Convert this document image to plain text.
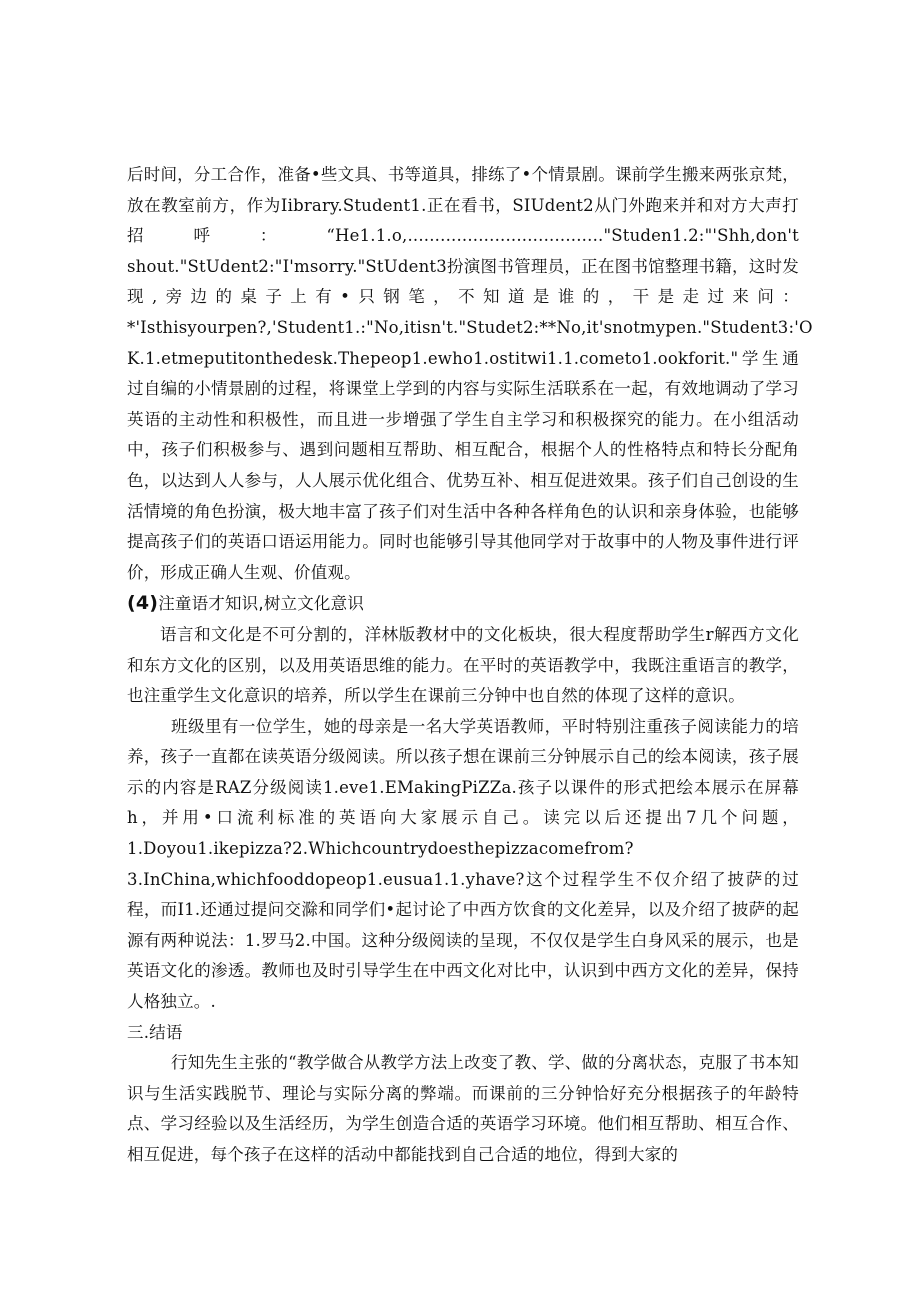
后时间，分工合作，准备•些文具、书等道具，排练了•个情景剧。课前学生搬来两张京梵，放在教室前方，作为Iibrary.Student1.正在看书，SIUdent2从门外跑来并和对方大声打招呼：“He1.1.o,...................................."Studen1.2:"'Shh,don't shout."StUdent2:"I'msorry."StUdent3扮演图书管理员，正在图书馆整理书籍，这时发现,旁边的桌子上有•只钢笔，不知道是谁的，干是走过来问：*'Isthisyourpen?,'Student1.:"No,itisn't."Studet2:**No,it'snotmypen."Student3:'O K.1.etmeputitonthedesk.Thepeop1.ewho1.ostitwi1.1.cometo1.ookforit."学生通过自编的小情景剧的过程，将课堂上学到的内容与实际生活联系在一起，有效地调动了学习英语的主动性和积极性，而且进一步增强了学生自主学习和积极探究的能力。在小组活动中，孩子们积极参与、遇到问题相互帮助、相互配合，根据个人的性格特点和特长分配角色，以达到人人参与，人人展示优化组合、优势互补、相互促进效果。孩子们自己创设的生活情境的角色扮演，极大地丰富了孩子们对生活中各种各样角色的认识和亲身体验，也能够提高孩子们的英语口语运用能力。同时也能够引导其他同学对于故事中的人物及事件进行评价，形成正确人生观、价值观。

(4)注童语才知识,树立文化意识

语言和文化是不可分割的，洋林版教材中的文化板块，很大程度帮助学生r解西方文化和东方文化的区别，以及用英语思维的能力。在平时的英语教学中，我既注重语言的教学，也注重学生文化意识的培养，所以学生在课前三分钟中也自然的体现了这样的意识。

班级里有一位学生，她的母亲是一名大学英语教师，平时特别注重孩子阅读能力的培养，孩子一直都在读英语分级阅读。所以孩子想在课前三分钟展示自己的绘本阅读，孩子展示的内容是RAZ分级阅读1.eve1.EMakingPiZZa.孩子以课件的形式把绘本展示在屏幕h，并用•口流利标准的英语向大家展示自己。读完以后还提出7几个问题，1.Doyou1.ikepizza?2.Whichcountrydoesthepizzacomefrom?3.InChina,whichfooddopeop1.eusua1.1.yhave?这个过程学生不仅介绍了披萨的过程，而I1.还通过提问交滁和同学们•起讨论了中西方饮食的文化差异，以及介绍了披萨的起源有两种说法：1.罗马2.中国。这种分级阅读的呈现，不仅仅是学生白身风采的展示，也是英语文化的渗透。教师也及时引导学生在中西文化对比中，认识到中西方文化的差异，保持人格独立。.

三.结语

行知先生主张的“教学做合从教学方法上改变了教、学、做的分离状态，克服了书本知识与生活实践脱节、理论与实际分离的弊端。而课前的三分钟恰好充分根据孩子的年龄特点、学习经验以及生活经历，为学生创造合适的英语学习环境。他们相互帮助、相互合作、相互促进，每个孩子在这样的活动中都能找到自己合适的地位，得到大家的
